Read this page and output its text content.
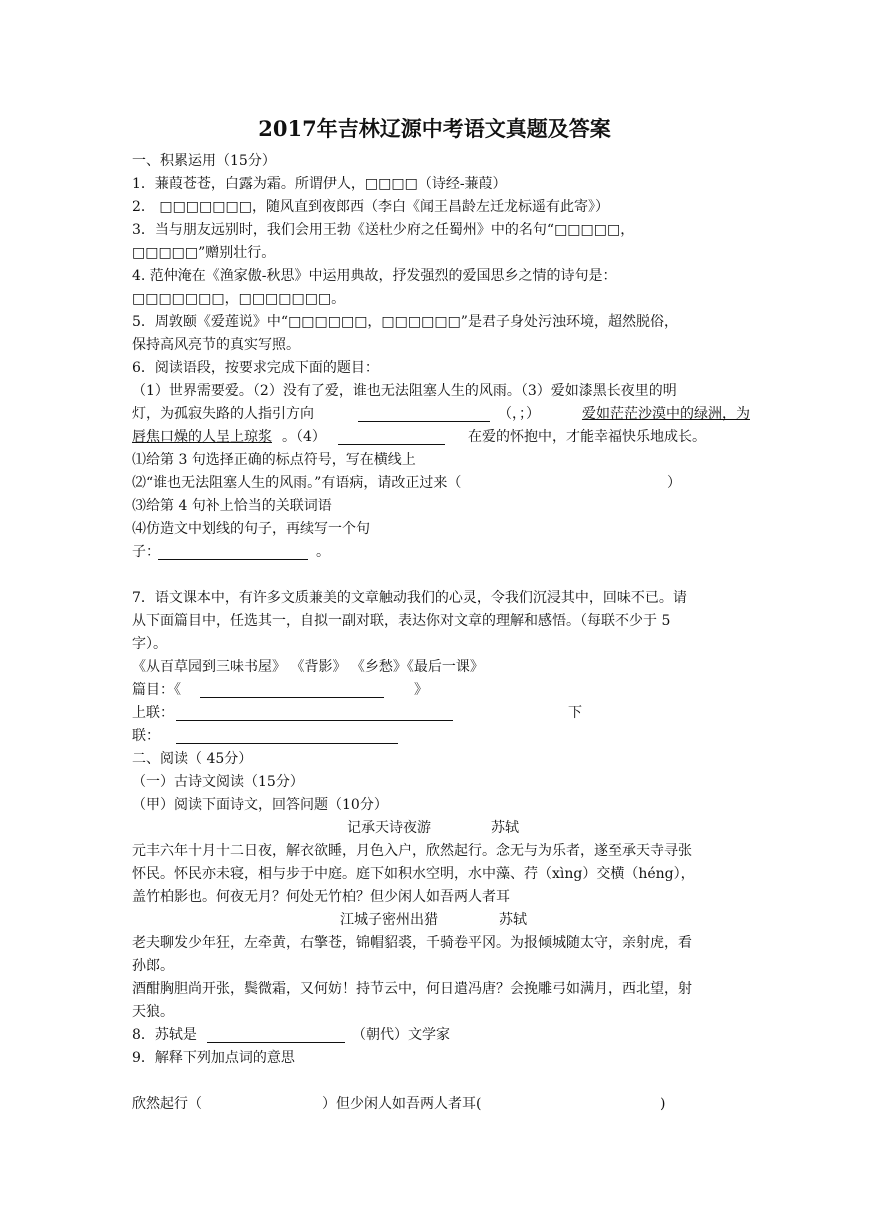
2017年吉林辽源中考语文真题及答案
一、积累运用（15分）
1．蒹葭苍苍，白露为霜。所谓伊人，□□□□（诗经-蒹葭）
2． □□□□□□□，随风直到夜郎西（李白《闻王昌龄左迁龙标遥有此寄》）
3．当与朋友远别时，我们会用王勃《送杜少府之任蜀州》中的名句“□□□□□，
□□□□□”赠别壮行。
4. 范仲淹在《渔家傲-秋思》中运用典故，抒发强烈的爱国思乡之情的诗句是：
□□□□□□□，□□□□□□□。
5．周敦颐《爱莲说》中“□□□□□□，□□□□□□”是君子身处污浊环境，超然脱俗，
保持高风亮节的真实写照。
6．阅读语段，按要求完成下面的题目：
（1）世界需要爱。（2）没有了爱，谁也无法阻塞人生的风雨。（3）爱如漆黑长夜里的明
灯，为孤寂失路的人指引方向	（，；）	爱如茫茫沙漠中的绿洲，为
唇焦口燥的人呈上琼浆 。（4）	在爱的怀抱中，才能幸福快乐地成长。
⑴给第 3 句选择正确的标点符号，写在横线上
⑵“谁也无法阻塞人生的风雨。”有语病，请改正过来（	）
⑶给第 4 句补上恰当的关联词语
⑷仿造文中划线的句子，再续写一个句
子：	。
7．语文课本中，有许多文质兼美的文章触动我们的心灵，令我们沉浸其中，回味不已。请
从下面篇目中，任选其一，自拟一副对联，表达你对文章的理解和感悟。（每联不少于 5
字）。
《从百草园到三味书屋》 《背影》 《乡愁》《最后一课》
篇目：《	》
上联：	下
联：
二、阅读（ 45分）
（一）古诗文阅读（15分）
（甲）阅读下面诗文，回答问题（10分）
记承天诗夜游	苏轼
元丰六年十月十二日夜，解衣欲睡，月色入户，欣然起行。念无与为乐者，遂至承天寺寻张
怀民。怀民亦未寝，相与步于中庭。庭下如积水空明，水中藻、荇（xìng）交横（héng），
盖竹柏影也。何夜无月？何处无竹柏？但少闲人如吾两人者耳
江城子密州出猎	苏轼
老夫聊发少年狂，左牵黄，右擎苍，锦帽貂裘，千骑卷平冈。为报倾城随太守，亲射虎，看
孙郎。
酒酣胸胆尚开张，鬓微霜，又何妨！持节云中，何日遣冯唐？会挽雕弓如满月，西北望，射
天狼。
8．苏轼是	（朝代）文学家
9．解释下列加点词的意思
欣然起行（	）但少闲人如吾两人者耳(	)
